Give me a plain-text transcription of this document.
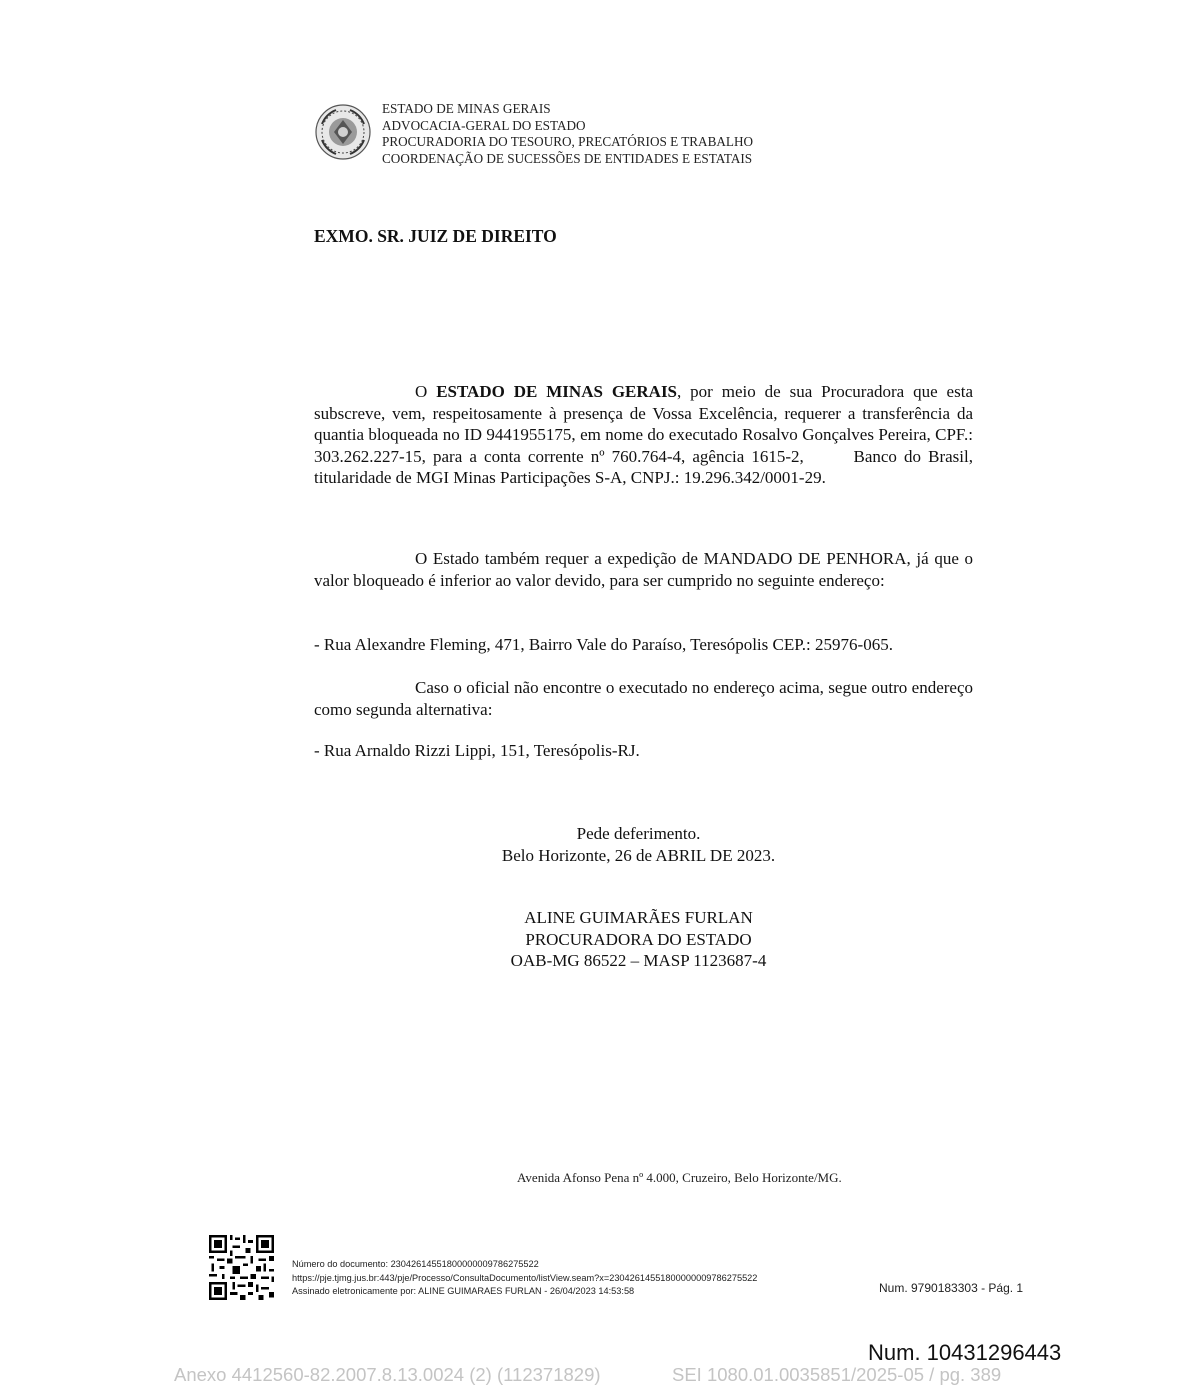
ESTADO DE MINAS GERAIS
ADVOCACIA-GERAL DO ESTADO
PROCURADORIA DO TESOURO, PRECATÓRIOS E TRABALHO
COORDENAÇÃO DE SUCESSÕES DE ENTIDADES E ESTATAIS
EXMO. SR. JUIZ DE DIREITO
O ESTADO DE MINAS GERAIS, por meio de sua Procuradora que esta subscreve, vem, respeitosamente à presença de Vossa Excelência, requerer a transferência da quantia bloqueada no ID 9441955175, em nome do executado Rosalvo Gonçalves Pereira, CPF.: 303.262.227-15, para a conta corrente nº 760.764-4, agência 1615-2,       Banco do Brasil, titularidade de MGI Minas Participações S-A, CNPJ.: 19.296.342/0001-29.
O Estado também requer a expedição de MANDADO DE PENHORA, já que o valor bloqueado é inferior ao valor devido, para ser cumprido no seguinte endereço:
- Rua Alexandre Fleming, 471, Bairro Vale do Paraíso, Teresópolis CEP.: 25976-065.
Caso o oficial não encontre o executado no endereço acima, segue outro endereço como segunda alternativa:
- Rua Arnaldo Rizzi Lippi, 151, Teresópolis-RJ.
Pede deferimento.
Belo Horizonte, 26 de ABRIL DE 2023.
ALINE GUIMARÃES FURLAN
PROCURADORA DO ESTADO
OAB-MG 86522 – MASP 1123687-4
Avenida Afonso Pena nº 4.000, Cruzeiro, Belo Horizonte/MG.
Número do documento: 23042614551800000009786275522
https://pje.tjmg.jus.br:443/pje/Processo/ConsultaDocumento/listView.seam?x=23042614551800000009786275522
Assinado eletronicamente por: ALINE GUIMARAES FURLAN - 26/04/2023 14:53:58	Num. 9790183303 - Pág. 1
Num. 10431296443
Anexo 4412560-82.2007.8.13.0024 (2) (112371829)	SEI 1080.01.0035851/2025-05 / pg. 389
